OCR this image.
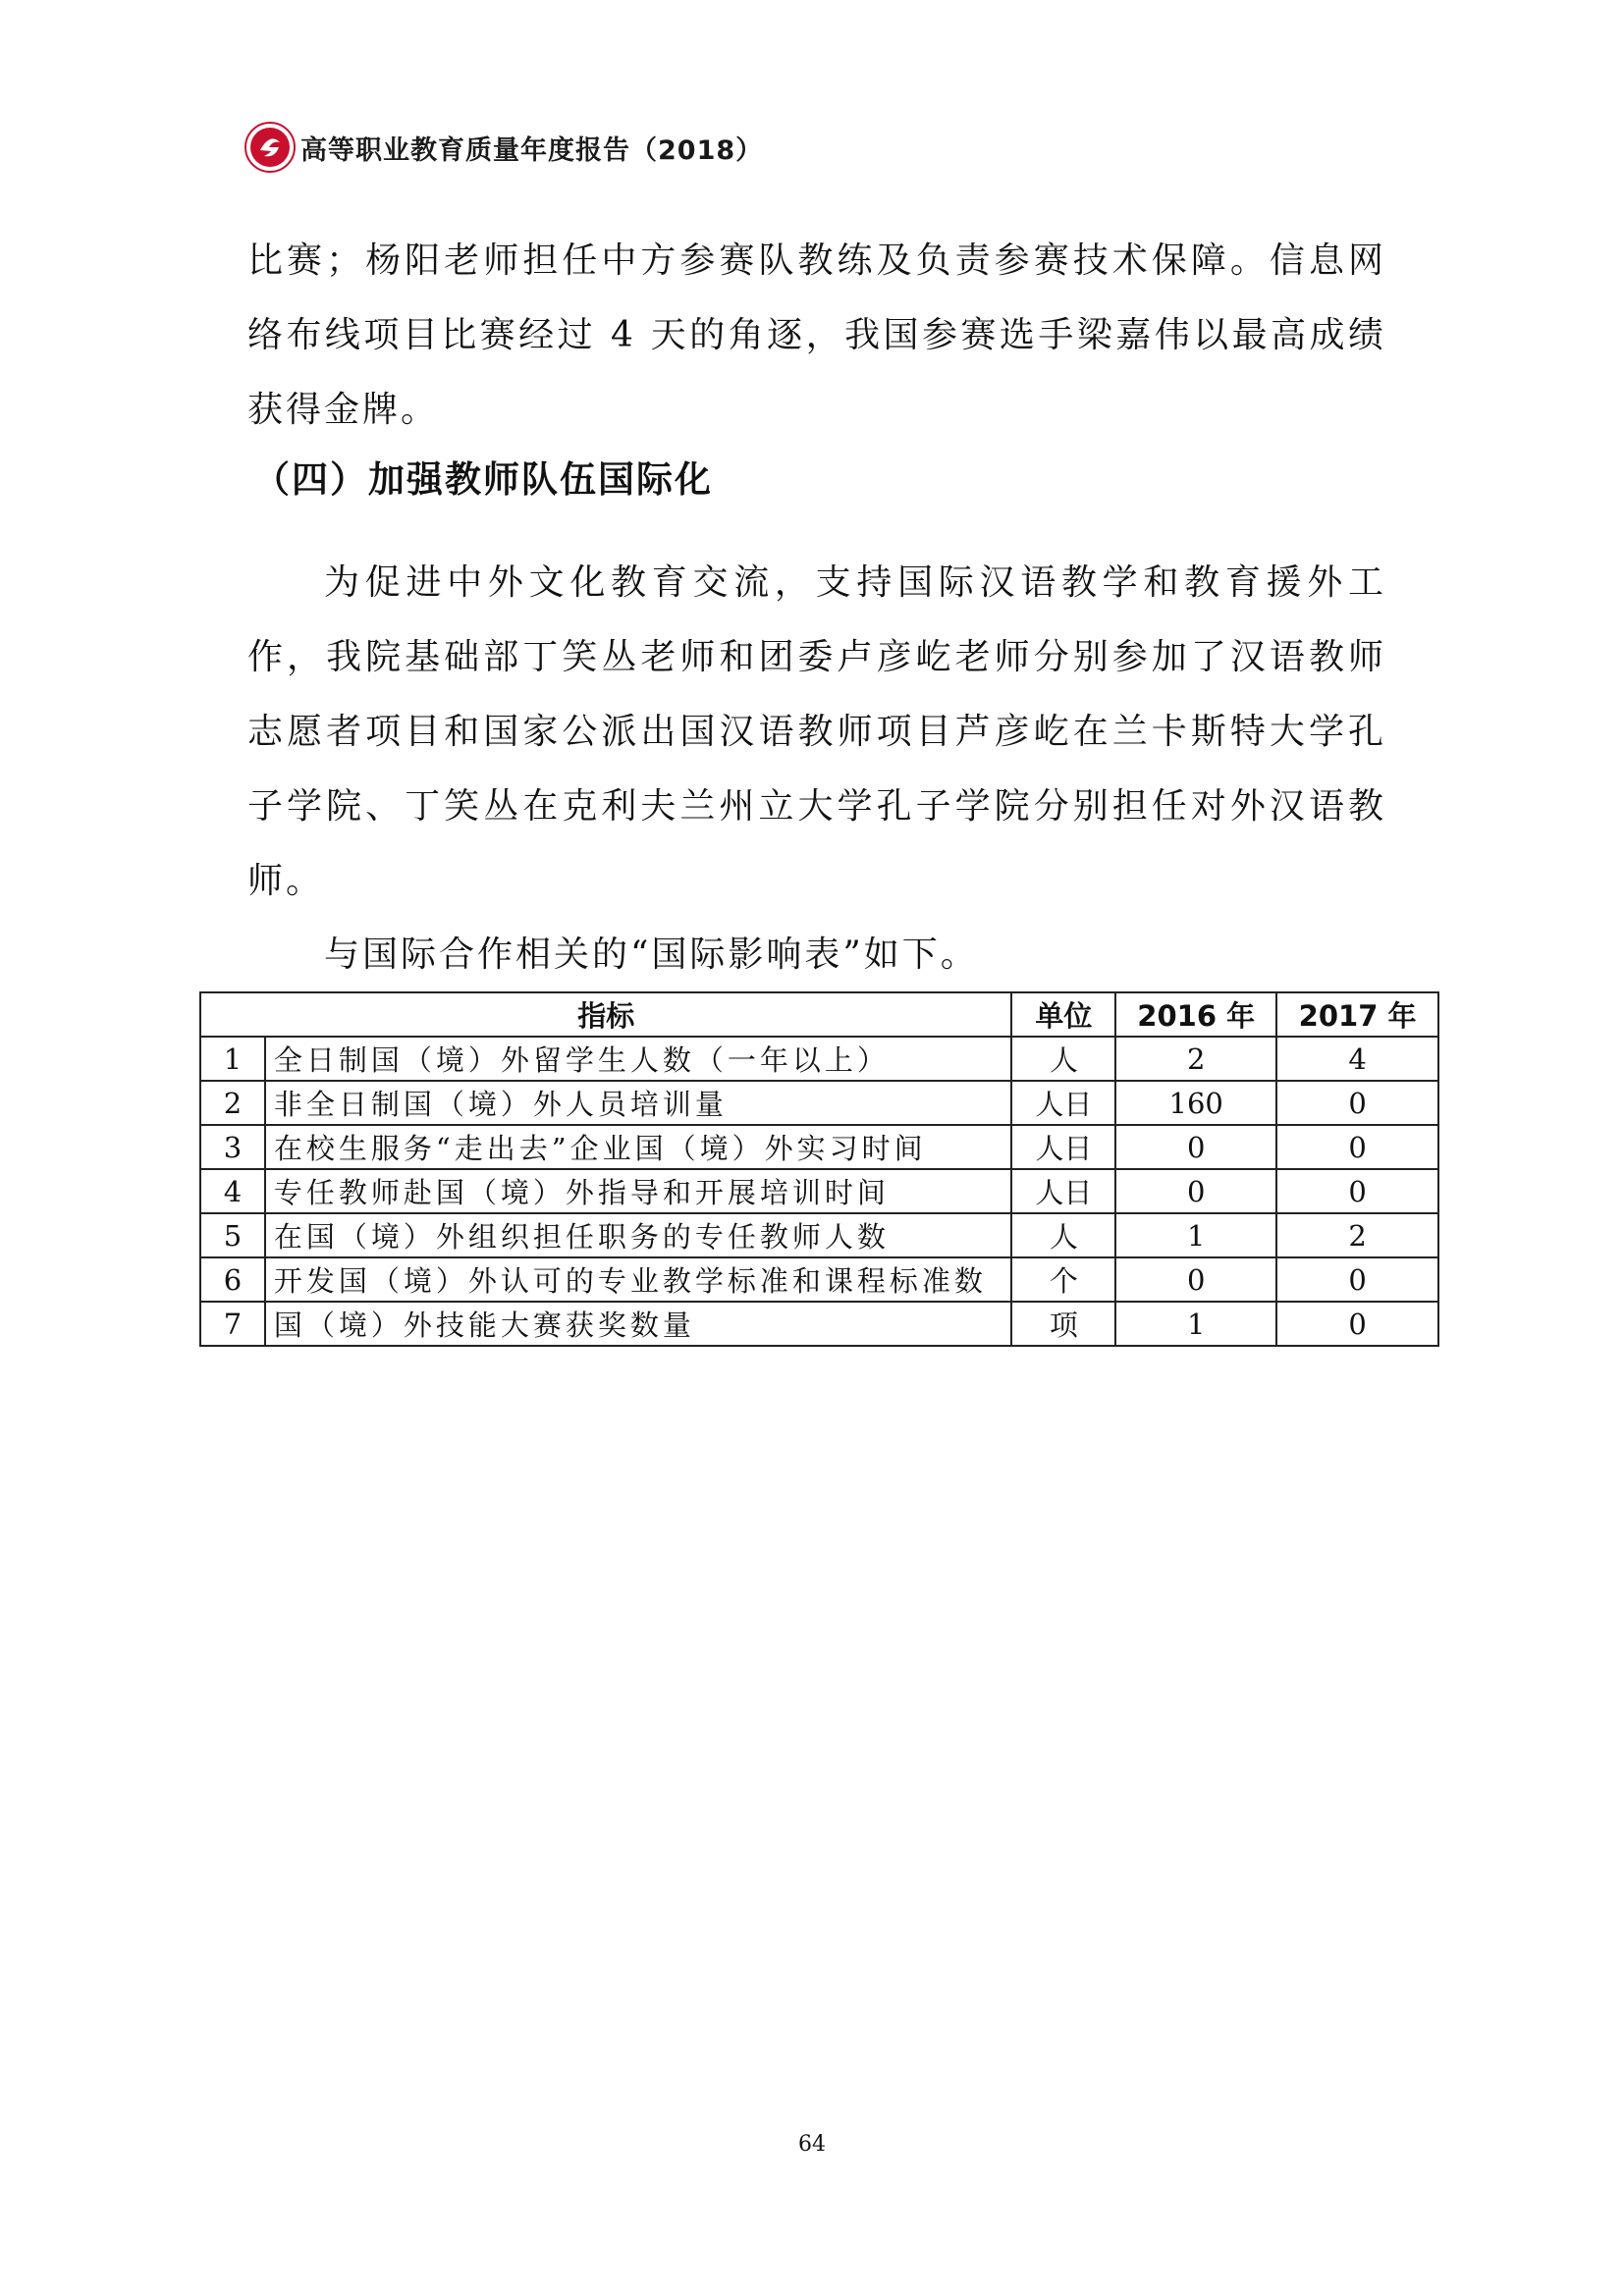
高等职业教育质量年度报告（2018）

比赛；杨阳老师担任中方参赛队教练及负责参赛技术保障。信息网络布线项目比赛经过 4 天的角逐，我国参赛选手梁嘉伟以最高成绩获得金牌。

（四）加强教师队伍国际化

为促进中外文化教育交流，支持国际汉语教学和教育援外工作，我院基础部丁笑丛老师和团委卢彦屹老师分别参加了汉语教师志愿者项目和国家公派出国汉语教师项目芦彦屹在兰卡斯特大学孔子学院、丁笑丛在克利夫兰州立大学孔子学院分别担任对外汉语教师。

与国际合作相关的“国际影响表”如下。

指标		单位	2016 年	2017 年
1	全日制国（境）外留学生人数（一年以上）	人	2	4
2	非全日制国（境）外人员培训量	人日	160	0
3	在校生服务“走出去”企业国（境）外实习时间	人日	0	0
4	专任教师赴国（境）外指导和开展培训时间	人日	0	0
5	在国（境）外组织担任职务的专任教师人数	人	1	2
6	开发国（境）外认可的专业教学标准和课程标准数	个	0	0
7	国（境）外技能大赛获奖数量	项	1	0

64
